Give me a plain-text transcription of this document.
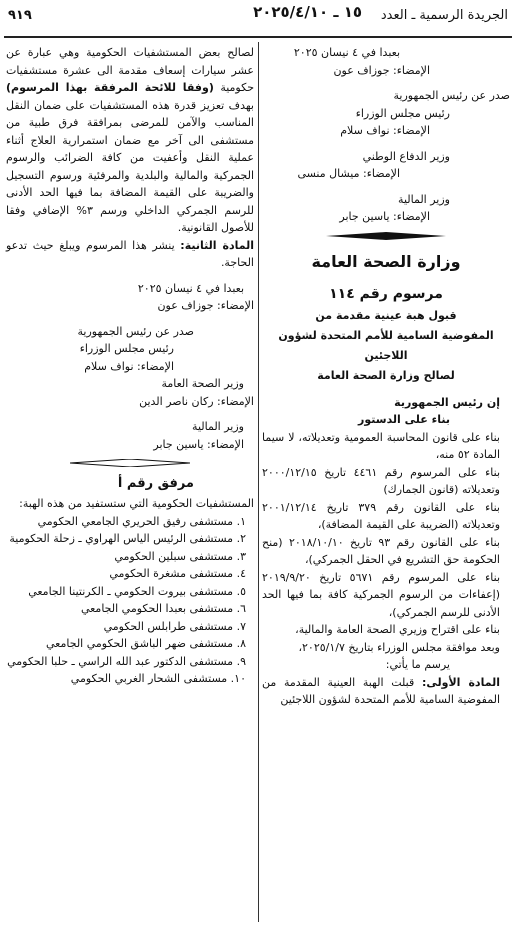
الجريدة الرسمية ـ العدد
١٥ ـ ٢٠٢٥/٤/١٠
٩١٩
بعبدا في ٤ نيسان ٢٠٢٥
الإمضاء: جوزاف عون
صدر عن رئيس الجمهورية
رئيس مجلس الوزراء
الإمضاء: نواف سلام
وزير الدفاع الوطني
الإمضاء: ميشال منسى
وزير المالية
الإمضاء: ياسين جابر
وزارة الصحة العامة
مرسوم رقم ١١٤
قبول هبة عينية مقدمة من
المفوضية السامية للأمم المتحدة لشؤون
اللاجئين
لصالح وزارة الصحة العامة
إن رئيس الجمهورية
بناء على الدستور
بناء على قانون المحاسبة العمومية وتعديلاته، لا سيما المادة ٥٢ منه،
بناء على المرسوم رقم ٤٤٦١ تاريخ ٢٠٠٠/١٢/١٥ وتعديلاته (قانون الجمارك)
بناء على القانون رقم ٣٧٩ تاريخ ٢٠٠١/١٢/١٤ وتعديلاته (الضريبة على القيمة المضافة)،
بناء على القانون رقم ٩٣ تاريخ ٢٠١٨/١٠/١٠ (منح الحكومة حق التشريع في الحقل الجمركي)،
بناء على المرسوم رقم ٥٦٧١ تاريخ ٢٠١٩/٩/٢٠ (إعفاءات من الرسوم الجمركية كافة بما فيها الحد الأدنى للرسم الجمركي)،
بناء على اقتراح وزيري الصحة العامة والمالية،
وبعد موافقة مجلس الوزراء بتاريخ ٢٠٢٥/١/٧،
يرسم ما يأتي:
المادة الأولى: قبلت الهبة العينية المقدمة من المفوضية السامية للأمم المتحدة لشؤون اللاجئين
لصالح بعض المستشفيات الحكومية وهي عبارة عن عشر سيارات إسعاف مقدمة الى عشرة مستشفيات حكومية (وفقا للائحة المرفقة بهذا المرسوم) بهدف تعزيز قدرة هذه المستشفيات على ضمان النقل المناسب والآمن للمرضى بمرافقة فرق طبية من مستشفى الى آخر مع ضمان استمرارية العلاج أثناء عملية النقل وأعفيت من كافة الضرائب والرسوم الجمركية والمالية والبلدية والمرفئية ورسوم التسجيل والضريبة على القيمة المضافة بما فيها الحد الأدنى للرسم الجمركي الداخلي ورسم ٣% الإضافي وفقا للأصول القانونية.
المادة الثانية: ينشر هذا المرسوم ويبلغ حيث تدعو الحاجة.
بعبدا في ٤ نيسان ٢٠٢٥
الإمضاء: جوزاف عون
صدر عن رئيس الجمهورية
رئيس مجلس الوزراء
الإمضاء: نواف سلام
وزير الصحة العامة
الإمضاء: ركان ناصر الدين
وزير المالية
الإمضاء: ياسين جابر
مرفق رقم أ
المستشفيات الحكومية التي ستستفيد من هذه الهبة:
١. مستشفى رفيق الحريري الجامعي الحكومي
٢. مستشفى الرئيس الياس الهراوي ـ زحلة الحكومية
٣. مستشفى سبلين الحكومي
٤. مستشفى مشغرة الحكومي
٥. مستشفى بيروت الحكومي ـ الكرنتينا الجامعي
٦. مستشفى بعبدا الحكومي الجامعي
٧. مستشفى طرابلس الحكومي
٨. مستشفى ضهر الباشق الحكومي الجامعي
٩. مستشفى الدكتور عبد الله الراسي ـ حلبا الحكومي
١٠. مستشفى الشحار الغربي الحكومي
